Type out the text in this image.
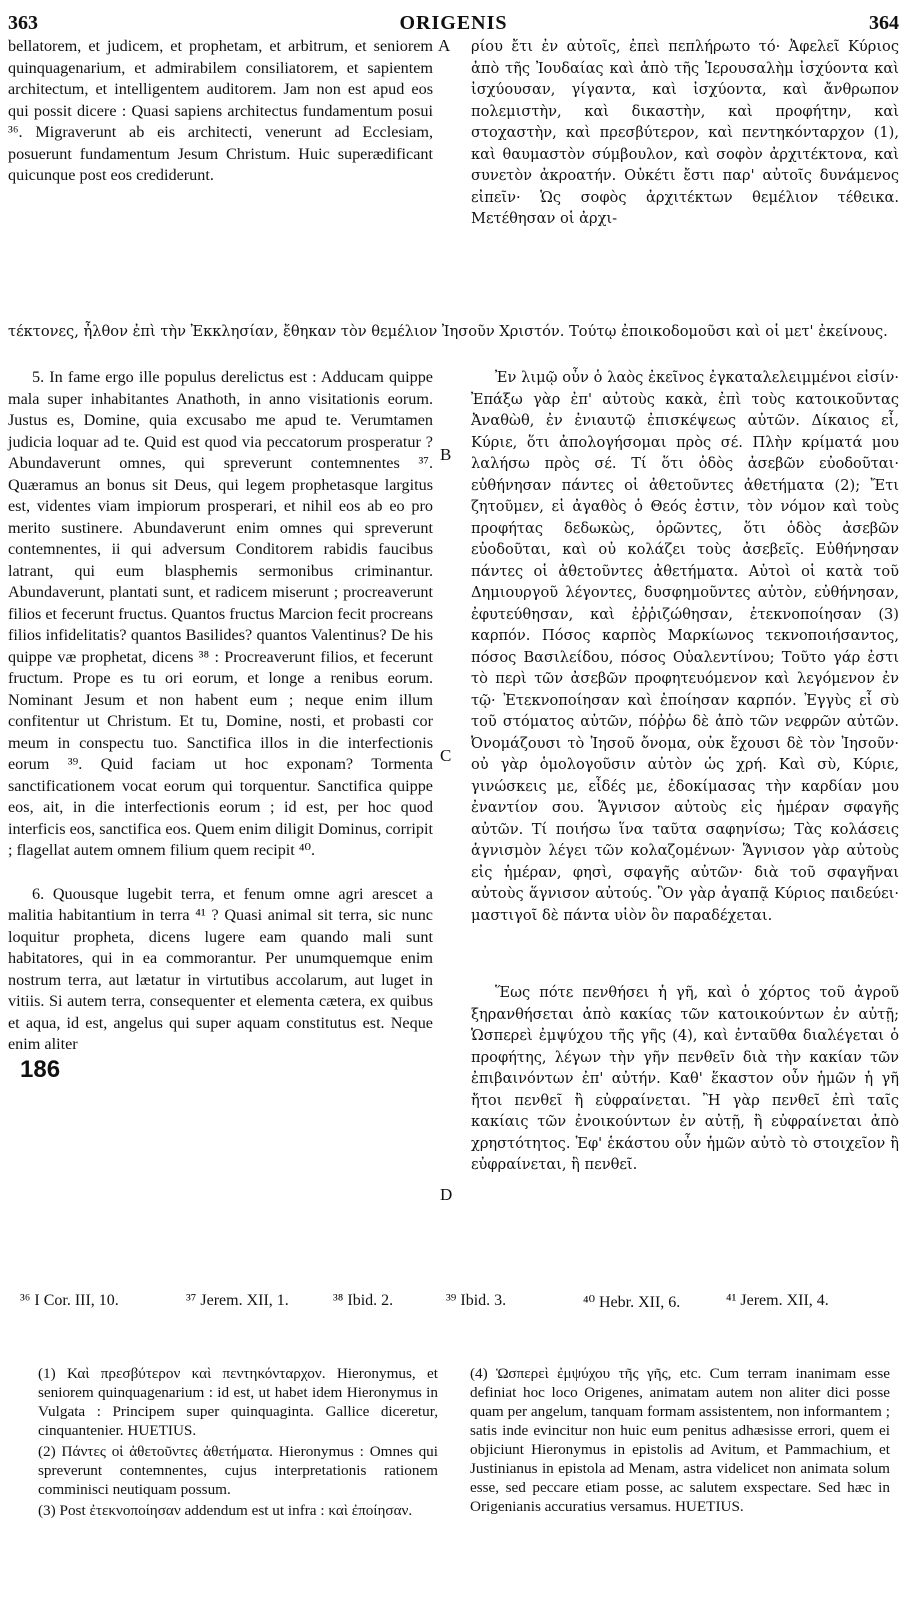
363	ORIGENIS	364

bellatorem, et judicem, et prophetam, et arbitrum, et seniorem quinquagenarium, et admirabilem consiliatorem, et sapientem architectum, et intelligentem auditorem. Jam non est apud eos qui possit dicere : Quasi sapiens architectus fundamentum posui ³⁶. Migraverunt ab eis architecti, venerunt ad Ecclesiam, posuerunt fundamentum Jesum Christum. Huic superædificant quicunque post eos crediderunt.

ρίου ἔτι ἐν αὐτοῖς, ἐπεὶ πεπλήρωτο τό· Ἀφελεῖ Κύριος ἀπὸ τῆς Ἰουδαίας καὶ ἀπὸ τῆς Ἱερουσαλὴμ ἰσχύοντα καὶ ἰσχύουσαν, γίγαντα, καὶ ἰσχύοντα, καὶ ἄνθρωπον πολεμιστὴν, καὶ δικαστὴν, καὶ προφήτην, καὶ στοχαστὴν, καὶ πρεσβύτερον, καὶ πεντηκόνταρχον (1), καὶ θαυμαστὸν σύμβουλον, καὶ σοφὸν ἀρχιτέκτονα, καὶ συνετὸν ἀκροατήν. Οὐκέτι ἔστι παρ' αὐτοῖς δυνάμενος εἰπεῖν· Ὡς σοφὸς ἀρχιτέκτων θεμέλιον τέθεικα. Μετέθησαν οἱ ἀρχι-

τέκτονες, ἦλθον ἐπὶ τὴν Ἐκκλησίαν, ἔθηκαν τὸν θεμέλιον Ἰησοῦν Χριστόν. Τούτῳ ἐποικοδομοῦσι καὶ οἱ μετ' ἐκείνους.

5. In fame ergo ille populus derelictus est : Adducam quippe mala super inhabitantes Anathoth, in anno visitationis eorum. Justus es, Domine, quia excusabo me apud te. Verumtamen judicia loquar ad te. Quid est quod via peccatorum prosperatur ? Abundaverunt omnes, qui spreverunt contemnentes ³⁷. Quæramus an bonus sit Deus, qui legem prophetasque largitus est, videntes viam impiorum prosperari, et nihil eos ab eo pro merito sustinere. Abundaverunt enim omnes qui spreverunt contemnentes, ii qui adversum Conditorem rabidis faucibus latrant, qui eum blasphemis sermonibus criminantur. Abundaverunt, plantati sunt, et radicem miserunt ; procreaverunt filios et fecerunt fructus. Quantos fructus Marcion fecit procreans filios infidelitatis? quantos Basilides? quantos Valentinus? De his quippe væ prophetat, dicens ³⁸ : Procreaverunt filios, et fecerunt fructum. Prope es tu ori eorum, et longe a renibus eorum. Nominant Jesum et non habent eum ; neque enim illum confitentur ut Christum. Et tu, Domine, nosti, et probasti cor meum in conspectu tuo. Sanctifica illos in die interfectionis eorum ³⁹. Quid faciam ut hoc exponam? Tormenta sanctificationem vocat eorum qui torquentur. Sanctifica quippe eos, ait, in die interfectionis eorum ; id est, per hoc quod interficis eos, sanctifica eos. Quem enim diligit Dominus, corripit ; flagellat autem omnem filium quem recipit ⁴⁰.

6. Quousque lugebit terra, et fenum omne agri arescet a malitia habitantium in terra ⁴¹ ? Quasi animal sit terra, sic nunc loquitur propheta, dicens lugere eam quando mali sunt habitatores, qui in ea commorantur. Per unumquemque enim nostrum terra, aut lætatur in virtutibus accolarum, aut luget in vitiis. Si autem terra, consequenter et elementa cætera, ex quibus et aqua, id est, angelus qui super aquam constitutus est. Neque enim aliter

Ἐν λιμῷ οὖν ὁ λαὸς ἐκεῖνος ἐγκαταλελειμμένοι εἰσίν· Ἐπάξω γὰρ ἐπ' αὐτοὺς κακὰ, ἐπὶ τοὺς κατοικοῦντας Ἀναθὼθ, ἐν ἐνιαυτῷ ἐπισκέψεως αὐτῶν. Δίκαιος εἶ, Κύριε, ὅτι ἀπολογήσομαι πρὸς σέ. Πλὴν κρίματά μου λαλήσω πρὸς σέ. Τί ὅτι ὁδὸς ἀσεβῶν εὐοδοῦται· εὐθήνησαν πάντες οἱ ἀθετοῦντες ἀθετήματα (2); Ἔτι ζητοῦμεν, εἰ ἀγαθὸς ὁ Θεός ἐστιν, τὸν νόμον καὶ τοὺς προφήτας δεδωκὼς, ὁρῶντες, ὅτι ὁδὸς ἀσεβῶν εὐοδοῦται, καὶ οὐ κολάζει τοὺς ἀσεβεῖς. Εὐθήνησαν πάντες οἱ ἀθετοῦντες ἀθετήματα. Αὐτοὶ οἱ κατὰ τοῦ Δημιουργοῦ λέγοντες, δυσφημοῦντες αὐτὸν, εὐθήνησαν, ἐφυτεύθησαν, καὶ ἐῤῥιζώθησαν, ἐτεκνοποίησαν (3) καρπόν. Πόσος καρπὸς Μαρκίωνος τεκνοποιήσαντος, πόσος Βασιλείδου, πόσος Οὐαλεντίνου; Τοῦτο γάρ ἐστι τὸ περὶ τῶν ἀσεβῶν προφητευόμενον καὶ λεγόμενον ἐν τῷ· Ἐτεκνοποίησαν καὶ ἐποίησαν καρπόν. Ἐγγὺς εἶ σὺ τοῦ στόματος αὐτῶν, πόῤῥω δὲ ἀπὸ τῶν νεφρῶν αὐτῶν. Ὀνομάζουσι τὸ Ἰησοῦ ὄνομα, οὐκ ἔχουσι δὲ τὸν Ἰησοῦν· οὐ γὰρ ὁμολογοῦσιν αὐτὸν ὡς χρή. Καὶ σὺ, Κύριε, γινώσκεις με, εἶδές με, ἐδοκίμασας τὴν καρδίαν μου ἐναντίον σου. Ἅγνισον αὐτοὺς εἰς ἡμέραν σφαγῆς αὐτῶν. Τί ποιήσω ἵνα ταῦτα σαφηνίσω; Τὰς κολάσεις ἁγνισμὸν λέγει τῶν κολαζομένων· Ἅγνισον γὰρ αὐτοὺς εἰς ἡμέραν, φησὶ, σφαγῆς αὐτῶν· διὰ τοῦ σφαγῆναι αὐτοὺς ἅγνισον αὐτούς. Ὃν γὰρ ἀγαπᾷ Κύριος παιδεύει· μαστιγοῖ δὲ πάντα υἱὸν ὃν παραδέχεται.

Ἕως πότε πενθήσει ἡ γῆ, καὶ ὁ χόρτος τοῦ ἀγροῦ ξηρανθήσεται ἀπὸ κακίας τῶν κατοικούντων ἐν αὐτῇ; Ὡσπερεὶ ἐμψύχου τῆς γῆς (4), καὶ ἐνταῦθα διαλέγεται ὁ προφήτης, λέγων τὴν γῆν πενθεῖν διὰ τὴν κακίαν τῶν ἐπιβαινόντων ἐπ' αὐτήν. Καθ' ἕκαστον οὖν ἡμῶν ἡ γῆ ἤτοι πενθεῖ ἢ εὐφραίνεται. Ἢ γὰρ πενθεῖ ἐπὶ ταῖς κακίαις τῶν ἐνοικούντων ἐν αὐτῇ, ἢ εὐφραίνεται ἀπὸ χρηστότητος. Ἐφ' ἑκάστου οὖν ἡμῶν αὐτὸ τὸ στοιχεῖον ἢ εὐφραίνεται, ἢ πενθεῖ.

A
B
C
D
186
³⁶ I Cor. III, 10.	³⁷ Jerem. XII, 1.	³⁸ Ibid. 2.	³⁹ Ibid. 3.	⁴⁰ Hebr. XII, 6.	⁴¹ Jerem. XII, 4.

(1) Καὶ πρεσβύτερον καὶ πεντηκόνταρχον. Hieronymus, et seniorem quinquagenarium : id est, ut habet idem Hieronymus in Vulgata : Principem super quinquaginta. Gallice diceretur, cinquantenier. HUETIUS.

(2) Πάντες οἱ ἀθετοῦντες ἀθετήματα. Hieronymus : Omnes qui spreverunt contemnentes, cujus interpretationis rationem comminisci neutiquam possum.

(3) Post ἐτεκνοποίησαν addendum est ut infra : καὶ ἐποίησαν.

(4) Ὡσπερεὶ ἐμψύχου τῆς γῆς, etc. Cum terram inanimam esse definiat hoc loco Origenes, animatam autem non aliter dici posse quam per angelum, tanquam formam assistentem, non informantem ; satis inde evincitur non huic eum penitus adhæsisse errori, quem ei objiciunt Hieronymus in epistolis ad Avitum, et Pammachium, et Justinianus in epistola ad Menam, astra videlicet non animata solum esse, sed peccare etiam posse, ac salutem exspectare. Sed hæc in Origenianis accuratius versamus. HUETIUS.
